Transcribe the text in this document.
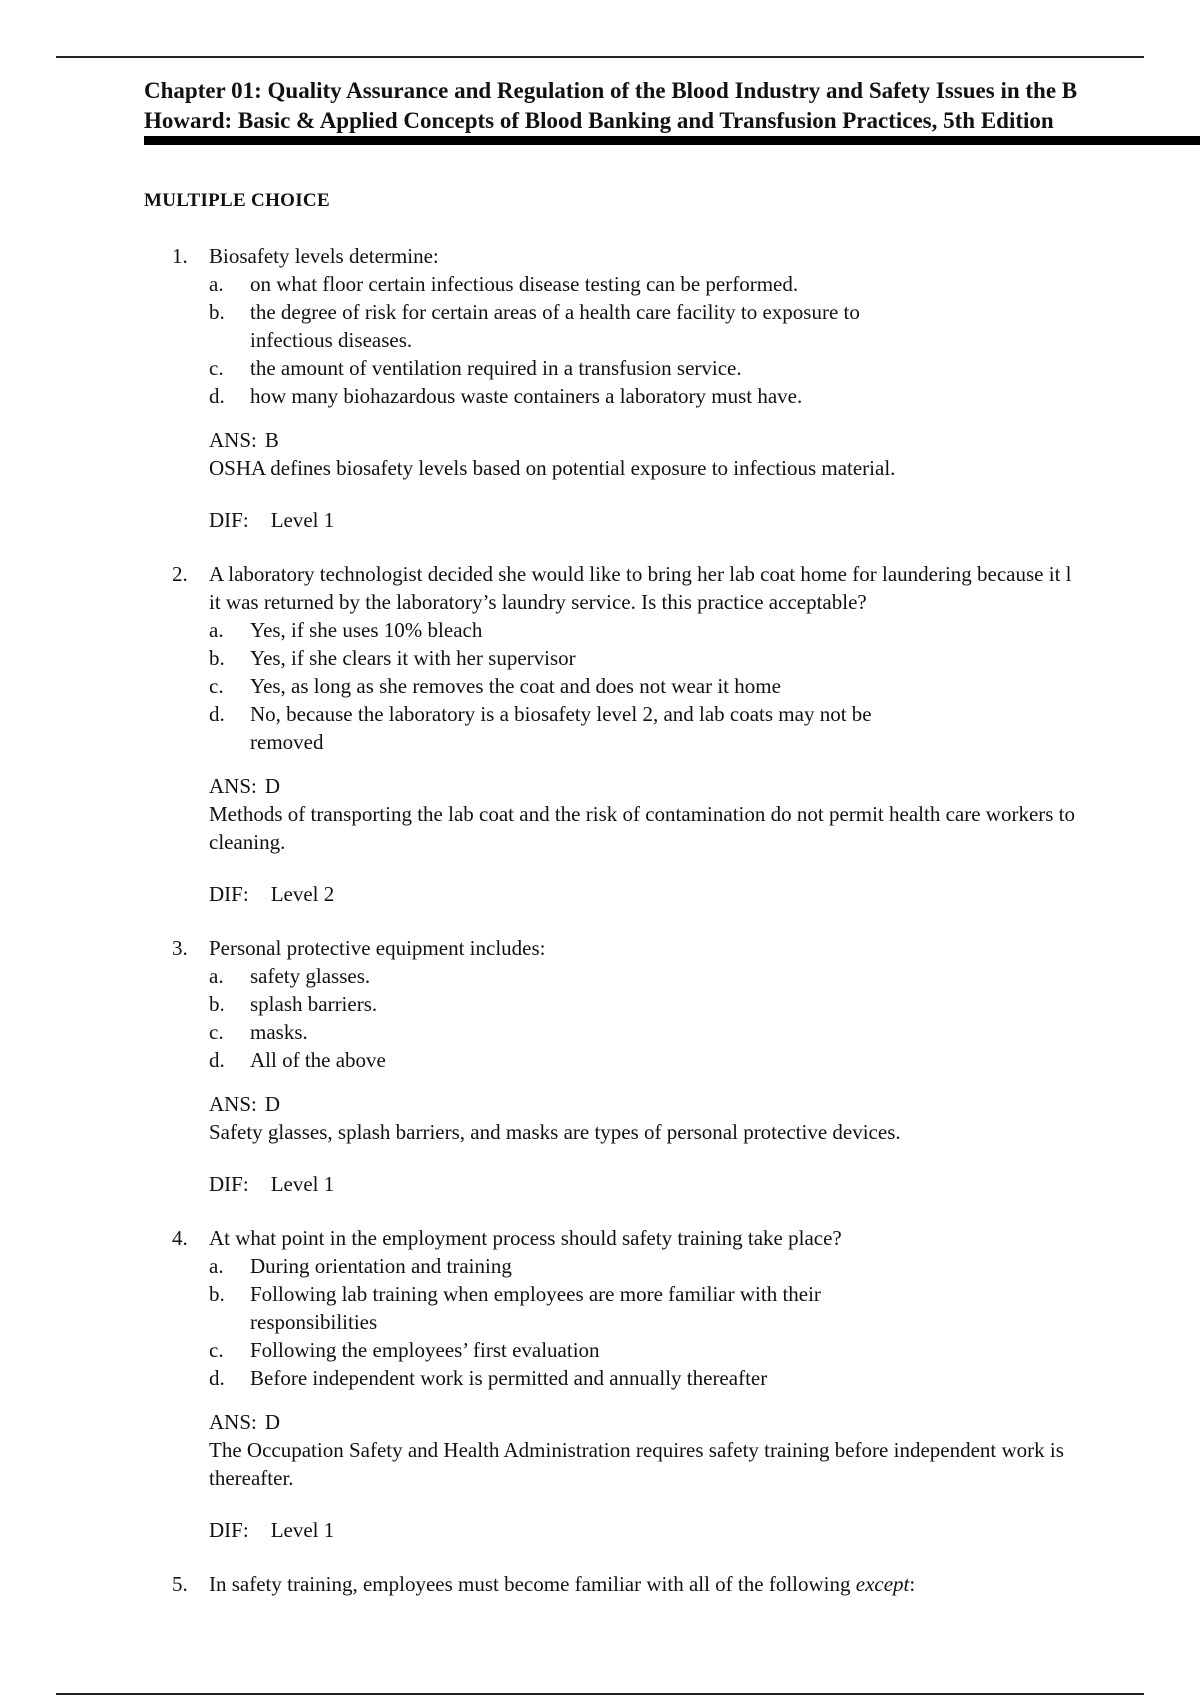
Chapter 01: Quality Assurance and Regulation of the Blood Industry and Safety Issues in the B
Howard: Basic & Applied Concepts of Blood Banking and Transfusion Practices, 5th Edition
MULTIPLE CHOICE
1. Biosafety levels determine:
a. on what floor certain infectious disease testing can be performed.
b. the degree of risk for certain areas of a health care facility to exposure to
infectious diseases.
c. the amount of ventilation required in a transfusion service.
d. how many biohazardous waste containers a laboratory must have.
ANS: B
OSHA defines biosafety levels based on potential exposure to infectious material.
DIF: Level 1
2. A laboratory technologist decided she would like to bring her lab coat home for laundering because it l
it was returned by the laboratory’s laundry service. Is this practice acceptable?
a. Yes, if she uses 10% bleach
b. Yes, if she clears it with her supervisor
c. Yes, as long as she removes the coat and does not wear it home
d. No, because the laboratory is a biosafety level 2, and lab coats may not be
removed
ANS: D
Methods of transporting the lab coat and the risk of contamination do not permit health care workers to
cleaning.
DIF: Level 2
3. Personal protective equipment includes:
a. safety glasses.
b. splash barriers.
c. masks.
d. All of the above
ANS: D
Safety glasses, splash barriers, and masks are types of personal protective devices.
DIF: Level 1
4. At what point in the employment process should safety training take place?
a. During orientation and training
b. Following lab training when employees are more familiar with their
responsibilities
c. Following the employees’ first evaluation
d. Before independent work is permitted and annually thereafter
ANS: D
The Occupation Safety and Health Administration requires safety training before independent work is
thereafter.
DIF: Level 1
5. In safety training, employees must become familiar with all of the following except:
